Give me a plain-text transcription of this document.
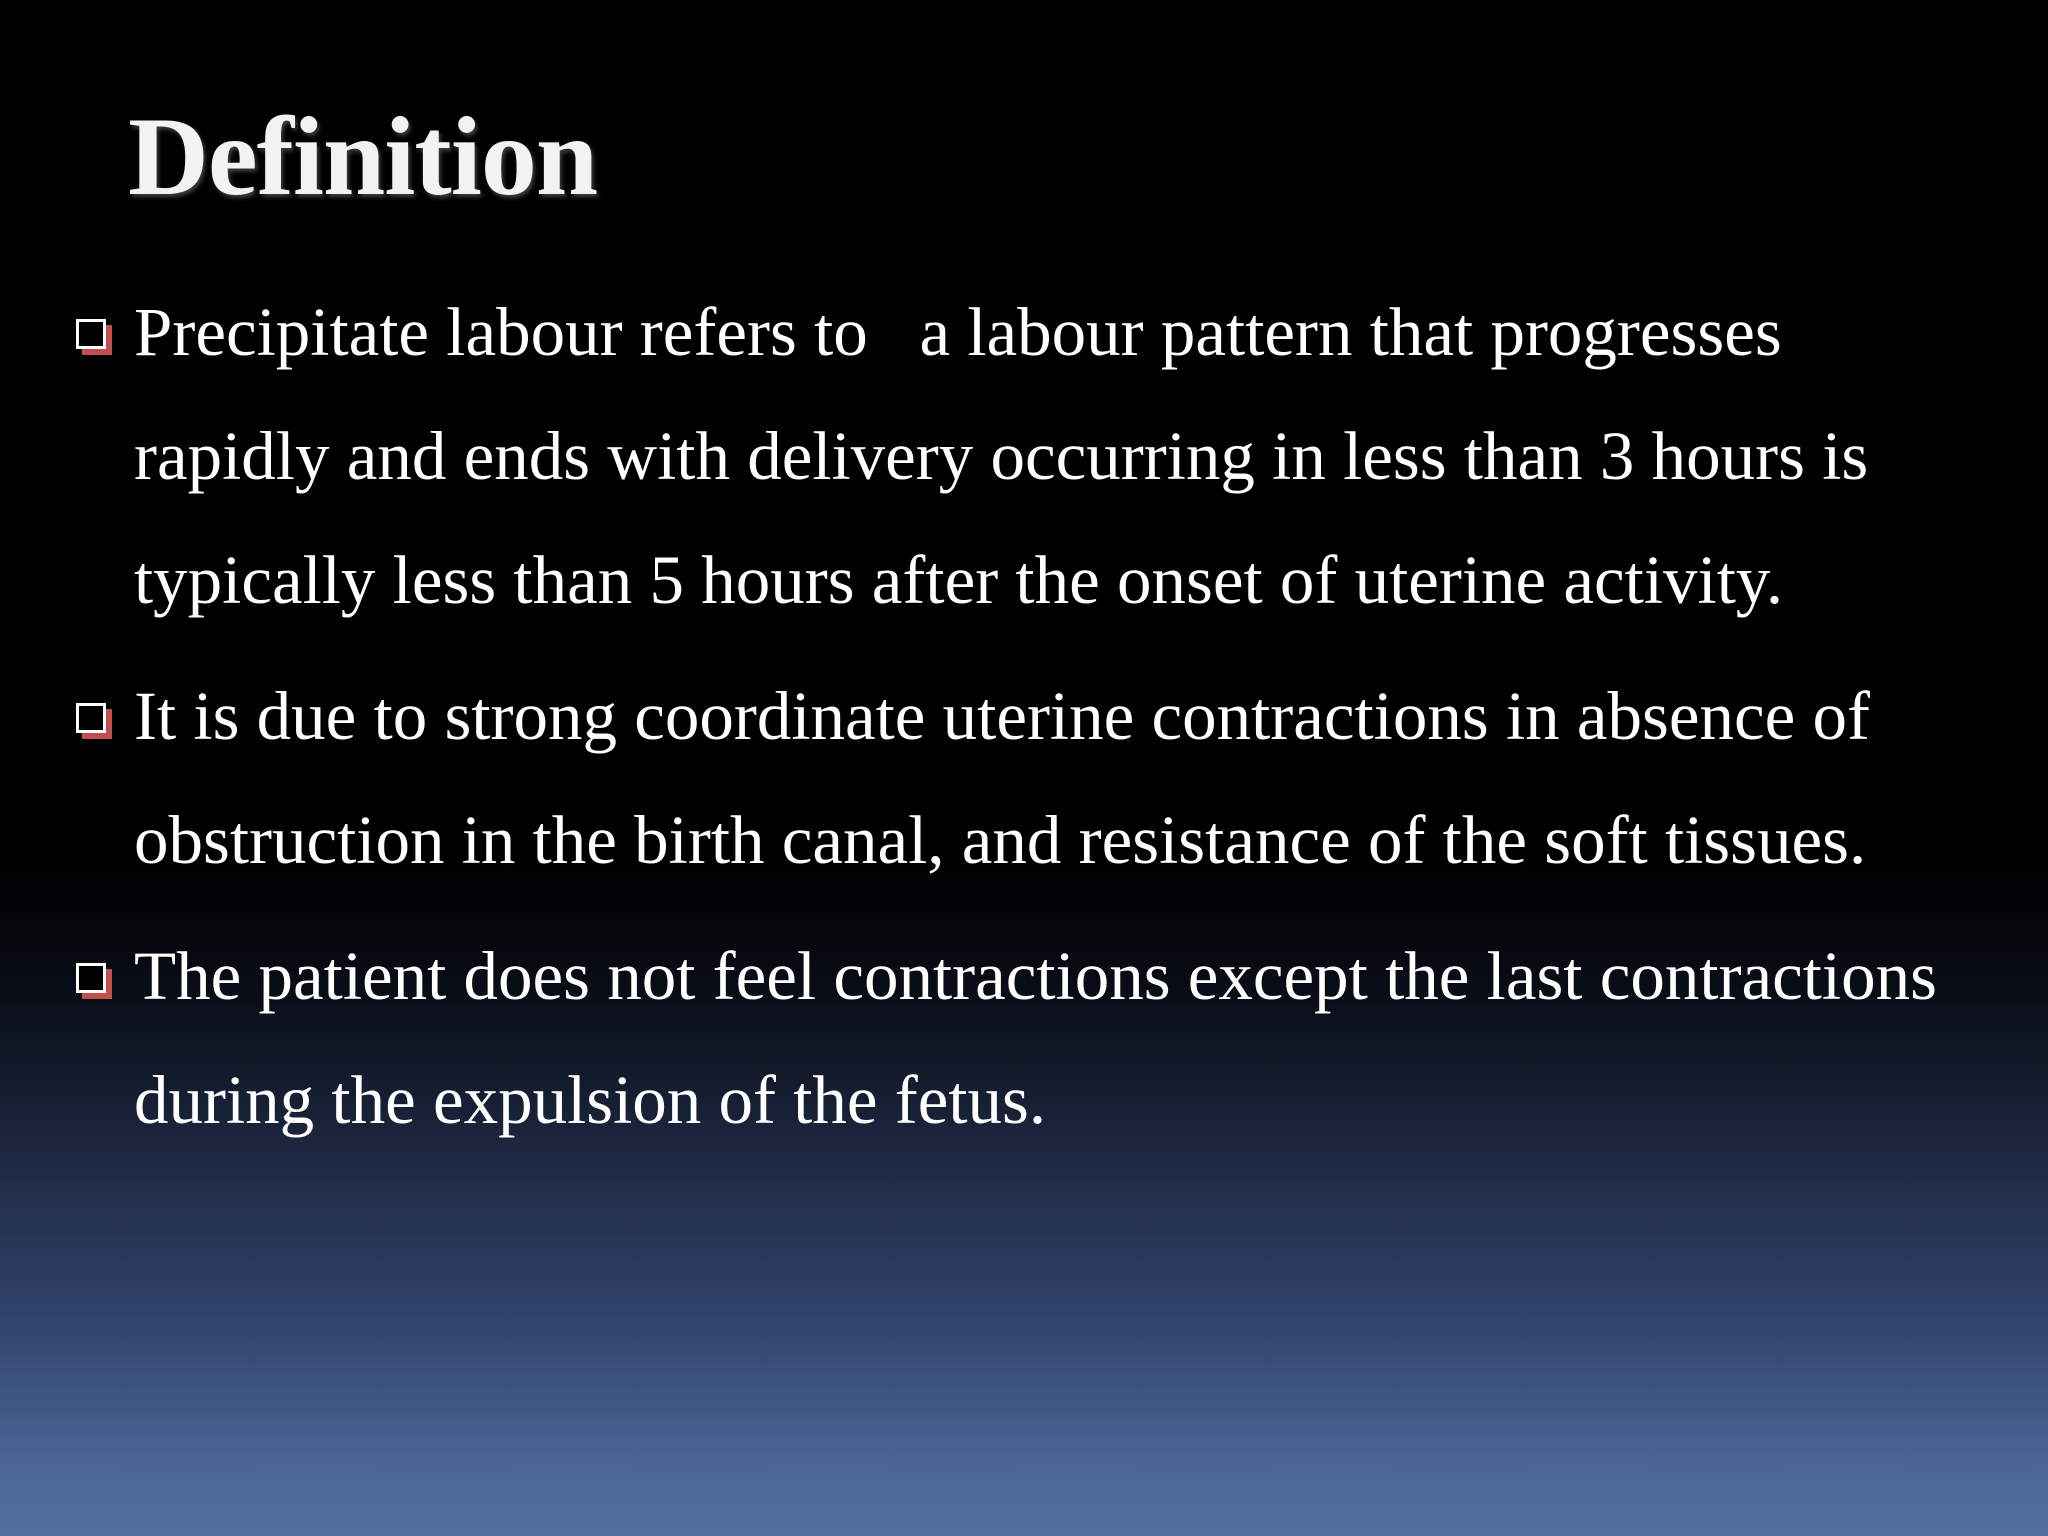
Definition
Precipitate labour refers to   a labour pattern that progresses rapidly and ends with delivery occurring in less than 3 hours is typically less than 5 hours after the onset of uterine activity.
It is due to strong coordinate uterine contractions in absence of obstruction in the birth canal, and resistance of the soft tissues.
The patient does not feel contractions except the last contractions during the expulsion of the fetus.
